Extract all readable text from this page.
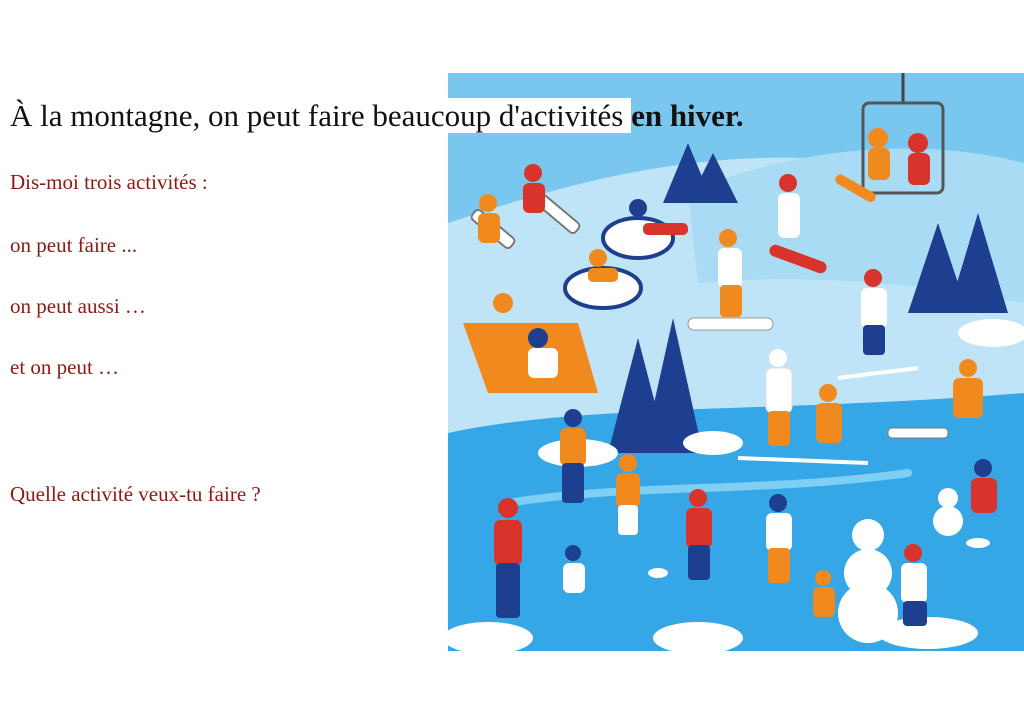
À la montagne, on peut faire beaucoup d'activités en hiver.
Dis-moi trois activités :
on peut faire ...
on peut aussi …
et on peut …
Quelle activité veux-tu faire ?
